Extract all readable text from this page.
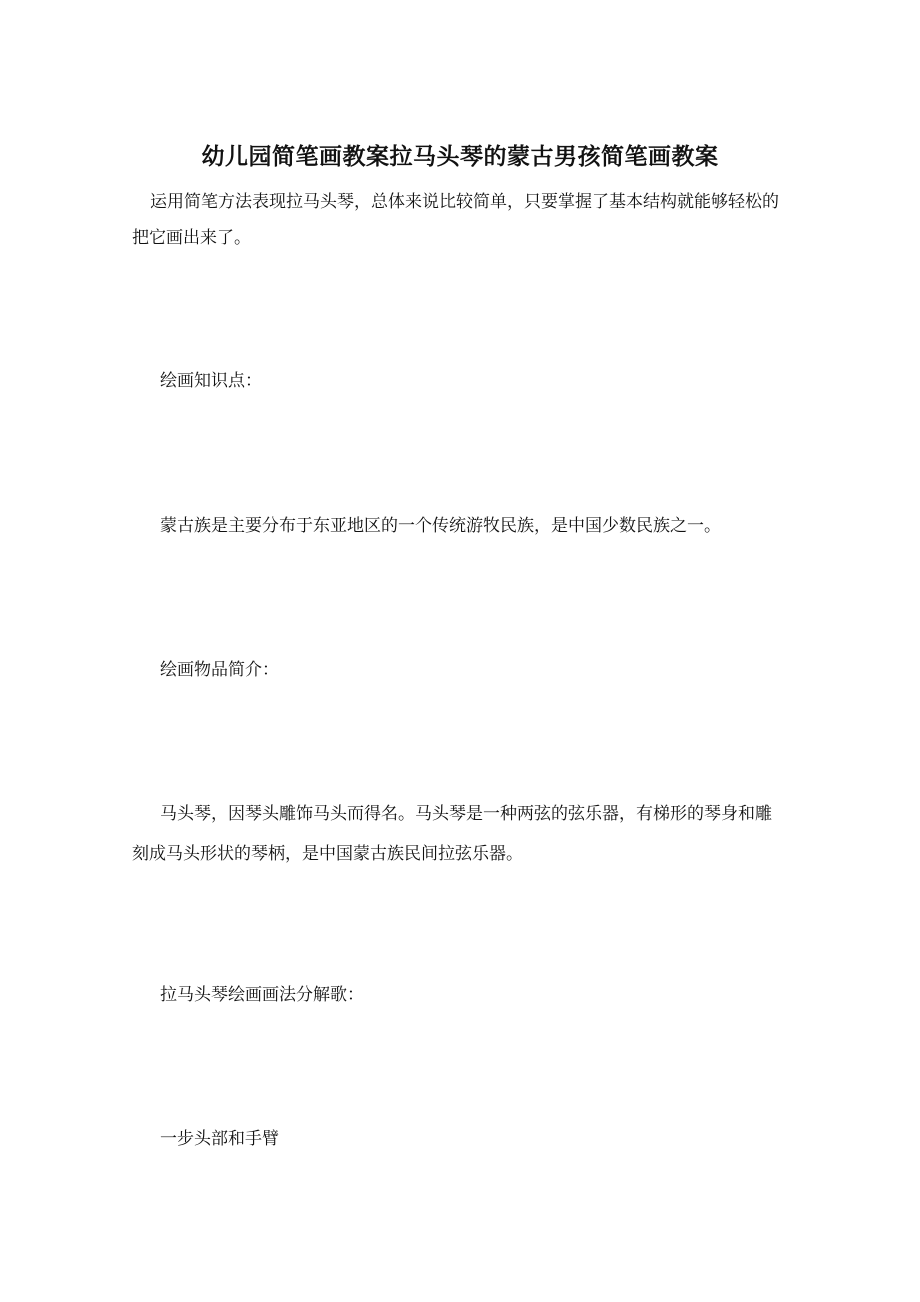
幼儿园简笔画教案拉马头琴的蒙古男孩简笔画教案

运用简笔方法表现拉马头琴，总体来说比较简单，只要掌握了基本结构就能够轻松的把它画出来了。

绘画知识点：

蒙古族是主要分布于东亚地区的一个传统游牧民族，是中国少数民族之一。

绘画物品简介：

马头琴，因琴头雕饰马头而得名。马头琴是一种两弦的弦乐器，有梯形的琴身和雕刻成马头形状的琴柄，是中国蒙古族民间拉弦乐器。

拉马头琴绘画画法分解歌：

一步头部和手臂
